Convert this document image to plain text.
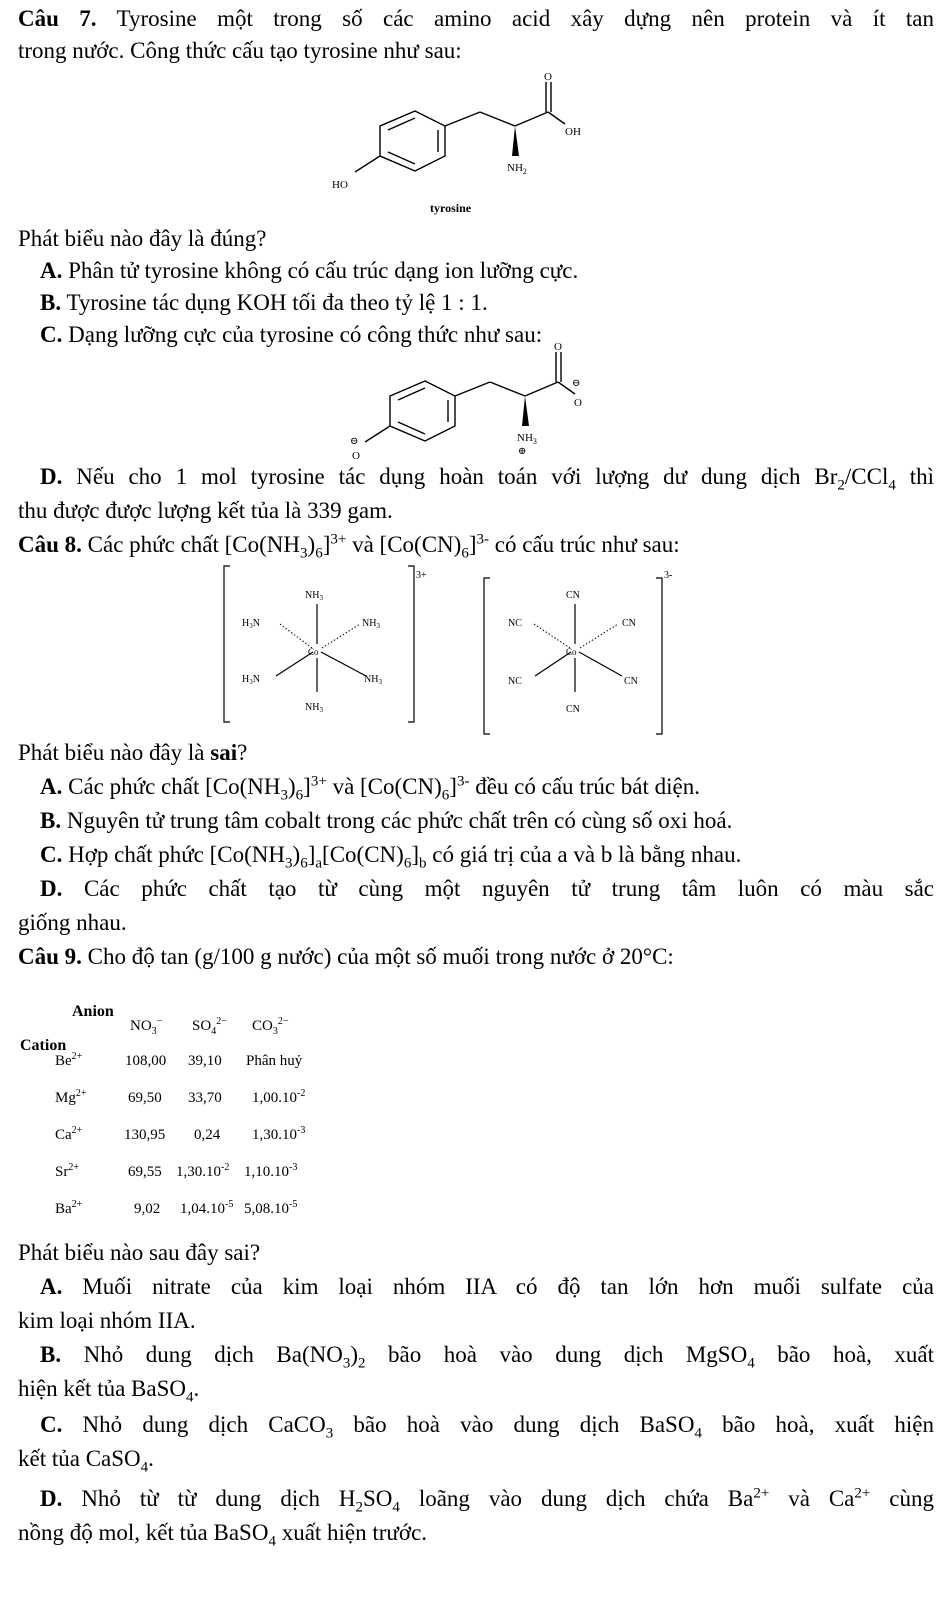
Câu 7. Tyrosine một trong số các amino acid xây dựng nên protein và ít tan
trong nước. Công thức cấu tạo tyrosine như sau:
O
OH
$NH_2$
HO
tyrosine
Phát biểu nào đây là đúng?
A. Phân tử tyrosine không có cấu trúc dạng ion lưỡng cực.
B. Tyrosine tác dụng KOH tối đa theo tỷ lệ 1 : 1.
C. Dạng lưỡng cực của tyrosine có công thức như sau:	O
⊖
O
$NH_3$
⊕
⊖
O
D. Nếu cho 1 mol tyrosine tác dụng hoàn toán với lượng dư dung dịch $Br_2/CCl_4$ thì
thu được được lượng kết tủa là 339 gam.
Câu 8. Các phức chất $[Co(NH_3)_6]^{3+}$ và $[Co(CN)_6]^{3-}$ có cấu trúc như sau:
3+
$NH_3$
$H_3N$	$NH_3$
Co
$H_3N$	$NH_3$
$NH_3$
3-
CN
NC	CN
Co
NC	CN
CN
Phát biểu nào đây là sai?
A. Các phức chất $[Co(NH_3)_6]^{3+}$ và $[Co(CN)_6]^{3-}$ đều có cấu trúc bát diện.
B. Nguyên tử trung tâm cobalt trong các phức chất trên có cùng số oxi hoá.
C. Hợp chất phức $[Co(NH_3)_6]_a[Co(CN)_6]_b$ có giá trị của a và b là bằng nhau.
D. Các phức chất tạo từ cùng một nguyên tử trung tâm luôn có màu sắc
giống nhau.
Câu 9. Cho độ tan (g/100 g nước) của một số muối trong nước ở 20°C:
Anion
Cation
$NO_3^-$ $SO_4^{2-}$ $CO_3^{2-}$
$Be^{2+}$	108,00 39,10 Phân huỷ
$Mg^{2+}$	69,50 33,70 $1,00.10^{-2}$
$Ca^{2+}$	130,95 0,24 $1,30.10^{-3}$
$Sr^{2+}$	69,55 $1,30.10^{-2}$ $1,10.10^{-3}$
$Ba^{2+}$	9,02 $1,04.10^{-5}$ $5,08.10^{-5}$
Phát biểu nào sau đây sai?
A. Muối nitrate của kim loại nhóm IIA có độ tan lớn hơn muối sulfate của
kim loại nhóm IIA.
B. Nhỏ dung dịch $Ba(NO_3)_2$ bão hoà vào dung dịch MgSO$_4$ bão hoà, xuất
hiện kết tủa BaSO$_4$.
C. Nhỏ dung dịch CaCO$_3$ bão hoà vào dung dịch BaSO$_4$ bão hoà, xuất hiện
kết tủa CaSO$_4$.
D. Nhỏ từ từ dung dịch $H_2SO_4$ loãng vào dung dịch chứa $Ba^{2+}$ và $Ca^{2+}$ cùng
nồng độ mol, kết tủa BaSO$_4$ xuất hiện trước.
